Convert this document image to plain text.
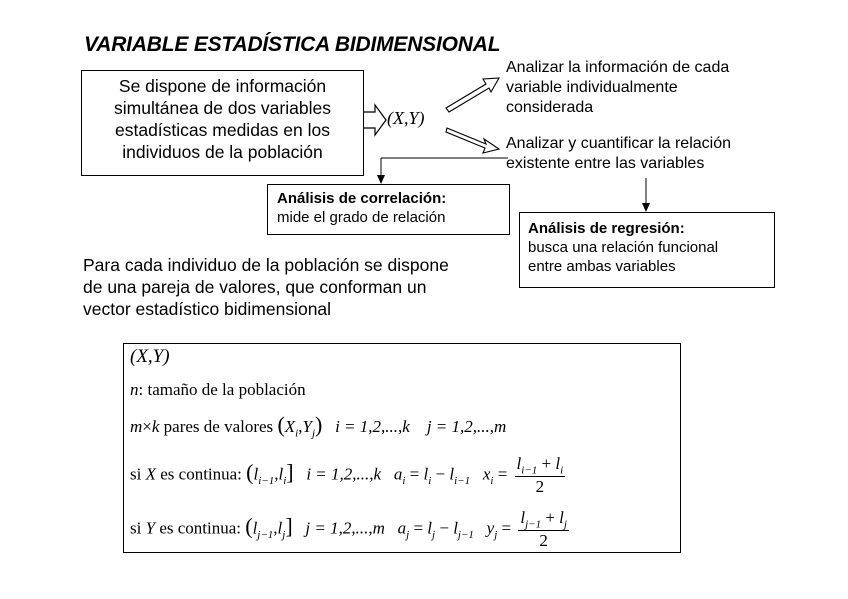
VARIABLE ESTADÍSTICA BIDIMENSIONAL
Se dispone de información
simultánea de dos variables
estadísticas medidas en los
individuos de la población
(X,Y)
Analizar la información de cada
variable individualmente
considerada
Analizar y cuantificar la relación
existente entre las variables
Análisis de correlación:
mide el grado de relación
Análisis de regresión:
busca una relación funcional
entre ambas variables
Para cada individuo de la población se dispone
de una pareja de valores, que conforman un
vector estadístico bidimensional
(X,Y)
n: tamaño de la población
m×k pares de valores $(X_i,Y_j) i = 1,2,...,k$ j = 1,2,...,m
si X es continua: $(l_{i-1},l_i]$ i = 1,2,...,k $a_i = l_i - l_{i-1}$ $x_i = \frac{l_{i-1} + l_i}{2}$
si Y es continua: $(l_{j-1},l_j]$ j = 1,2,...,m $a_j = l_j - l_{j-1}$ $y_j = \frac{l_{j-1} + l_j}{2}$
